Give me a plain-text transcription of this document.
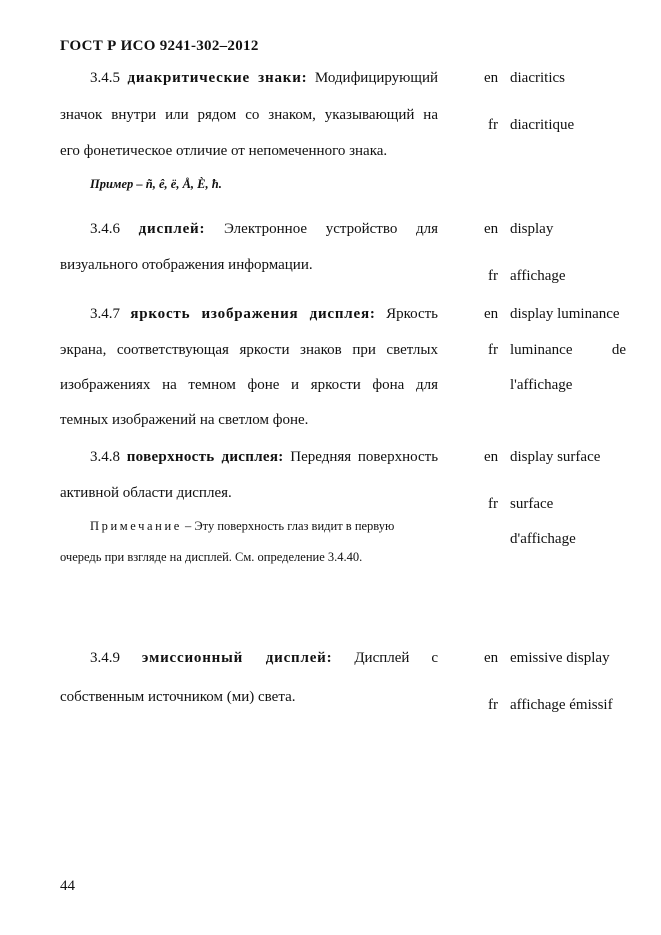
ГОСТ Р ИСО 9241-302–2012
3.4.5 диакритические знаки: Модифицирующий
значок внутри или рядом со знаком, указывающий на
его фонетическое отличие от непомеченного знака.
Пример – ñ, ê, ë, Å, È, ħ.
en diacritics
fr diacritique
3.4.6 дисплей: Электронное устройство для
визуального отображения информации.
en display
fr affichage
3.4.7 яркость изображения дисплея: Яркость
экрана, соответствующая яркости знаков при светлых
изображениях на темном фоне и яркости фона для
темных изображений на светлом фоне.
en display luminance
fr luminance de
l'affichage
3.4.8 поверхность дисплея: Передняя поверхность
активной области дисплея.
Примечание – Эту поверхность глаз видит в первую
очередь при взгляде на дисплей. См. определение 3.4.40.
en display surface
fr surface
d'affichage
3.4.9 эмиссионный дисплей: Дисплей с
собственным источником (ми) света.
en emissive display
fr affichage émissif
44
